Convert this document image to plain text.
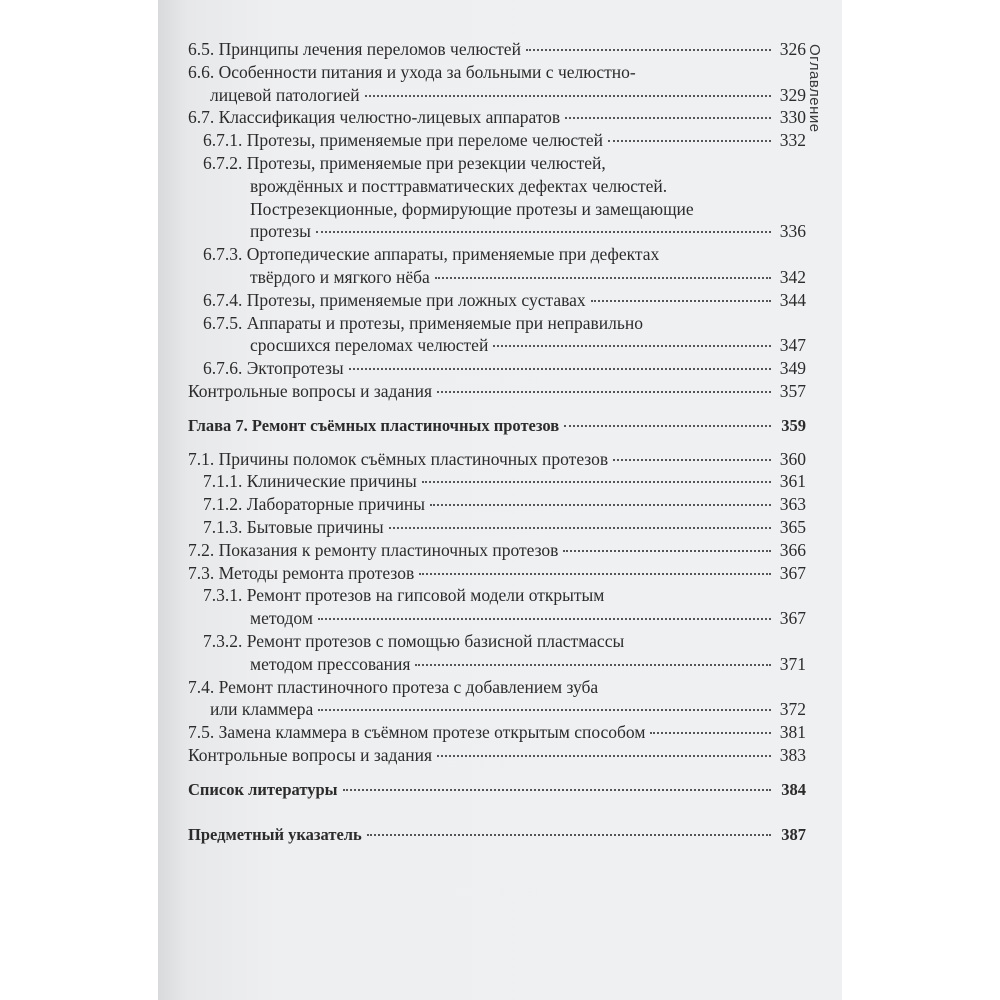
Оглавление
6.5. Принципы лечения переломов челюстей	326
6.6. Особенности питания и ухода за больными с челюстно-
лицевой патологией	329
6.7. Классификация челюстно-лицевых аппаратов	330
6.7.1. Протезы, применяемые при переломе челюстей	332
6.7.2. Протезы, применяемые при резекции челюстей,
врождённых и посттравматических дефектах челюстей.
Пострезекционные, формирующие протезы и замещающие
протезы	336
6.7.3. Ортопедические аппараты, применяемые при дефектах
твёрдого и мягкого нёба	342
6.7.4. Протезы, применяемые при ложных суставах	344
6.7.5. Аппараты и протезы, применяемые при неправильно
сросшихся переломах челюстей	347
6.7.6. Эктопротезы	349
Контрольные вопросы и задания	357
Глава 7. Ремонт съёмных пластиночных протезов	359
7.1. Причины поломок съёмных пластиночных протезов	360
7.1.1. Клинические причины	361
7.1.2. Лабораторные причины	363
7.1.3. Бытовые причины	365
7.2. Показания к ремонту пластиночных протезов	366
7.3. Методы ремонта протезов	367
7.3.1. Ремонт протезов на гипсовой модели открытым
методом	367
7.3.2. Ремонт протезов с помощью базисной пластмассы
методом прессования	371
7.4. Ремонт пластиночного протеза с добавлением зуба
или кламмера	372
7.5. Замена кламмера в съёмном протезе открытым способом	381
Контрольные вопросы и задания	383
Список литературы	384
Предметный указатель	387
